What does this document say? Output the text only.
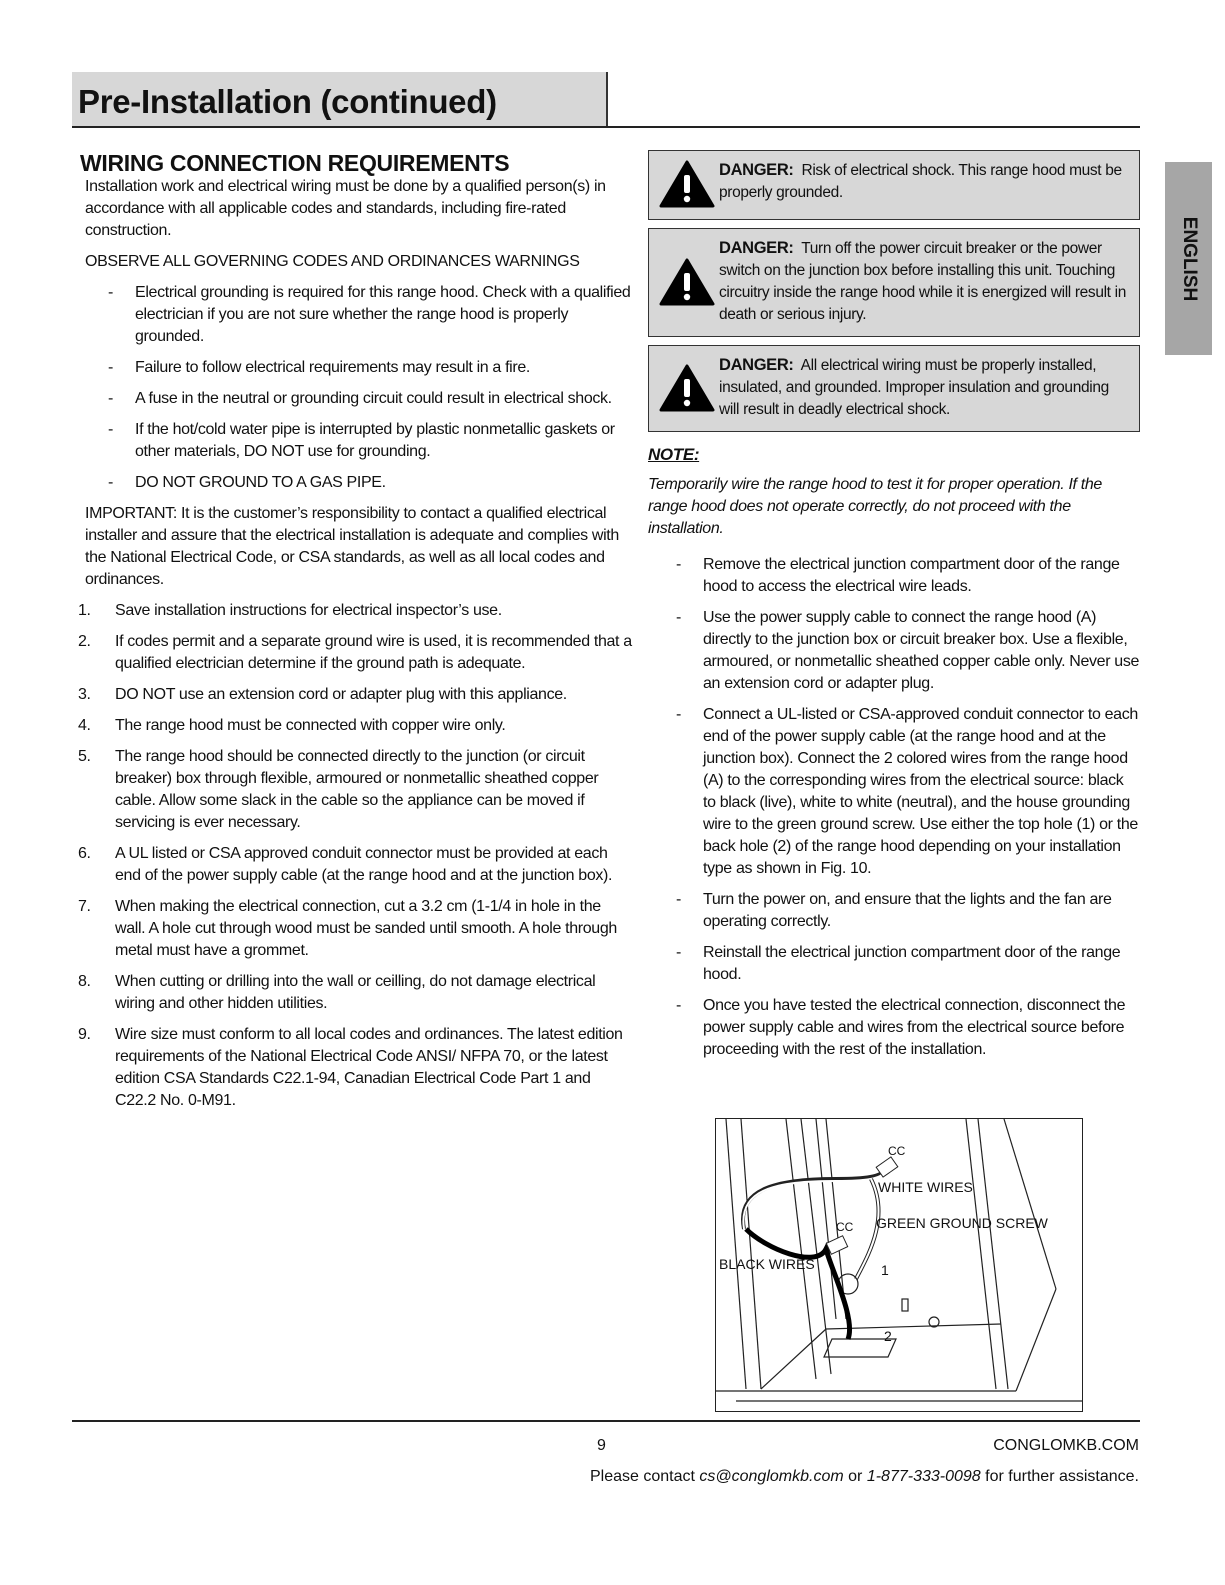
Pre-Installation (continued)
ENGLISH
WIRING CONNECTION REQUIREMENTS

Installation work and electrical wiring must be done by a qualified person(s) in accordance with all applicable codes and standards, including fire-rated construction.

OBSERVE ALL GOVERNING CODES AND ORDINANCES WARNINGS

-	Electrical grounding is required for this range hood. Check with a qualified electrician if you are not sure whether the range hood is properly grounded.
-	Failure to follow electrical requirements may result in a fire.
-	A fuse in the neutral or grounding circuit could result in electrical shock.
-	If the hot/cold water pipe is interrupted by plastic nonmetallic gaskets or other materials, DO NOT use for grounding.
-	DO NOT GROUND TO A GAS PIPE.

IMPORTANT: It is the customer’s responsibility to contact a qualified electrical installer and assure that the electrical installation is adequate and complies with the National Electrical Code, or CSA standards, as well as all local codes and ordinances.

1.	Save installation instructions for electrical inspector’s use.
2.	If codes permit and a separate ground wire is used, it is recommended that a qualified electrician determine if the ground path is adequate.
3.	DO NOT use an extension cord or adapter plug with this appliance.
4.	The range hood must be connected with copper wire only.
5.	The range hood should be connected directly to the junction (or circuit breaker) box through flexible, armoured or nonmetallic sheathed copper cable. Allow some slack in the cable so the appliance can be moved if servicing is ever necessary.
6.	A UL listed or CSA approved conduit connector must be provided at each end of the power supply cable (at the range hood and at the junction box).
7.	When making the electrical connection, cut a 3.2 cm (1-1/4 in hole in the wall. A hole cut through wood must be sanded until smooth. A hole through metal must have a grommet.
8.	When cutting or drilling into the wall or ceilling, do not damage electrical wiring and other hidden utilities.
9.	Wire size must conform to all local codes and ordinances. The latest edition requirements of the National Electrical Code ANSI/ NFPA 70, or the latest edition CSA Standards C22.1-94, Canadian Electrical Code Part 1 and C22.2 No. 0-M91.
DANGER: Risk of electrical shock. This range hood must be properly grounded.
DANGER: Turn off the power circuit breaker or the power switch on the junction box before installing this unit. Touching circuitry inside the range hood while it is energized will result in death or serious injury.
DANGER: All electrical wiring must be properly installed, insulated, and grounded. Improper insulation and grounding will result in deadly electrical shock.
NOTE:

Temporarily wire the range hood to test it for proper operation. If the range hood does not operate correctly, do not proceed with the installation.

-	Remove the electrical junction compartment door of the range hood to access the electrical wire leads.
-	Use the power supply cable to connect the range hood (A) directly to the junction box or circuit breaker box. Use a flexible, armoured, or nonmetallic sheathed copper cable only. Never use an extension cord or adapter plug.
-	Connect a UL-listed or CSA-approved conduit connector to each end of the power supply cable (at the range hood and at the junction box). Connect the 2 colored wires from the range hood (A) to the corresponding wires from the electrical source: black to black (live), white to white (neutral), and the house grounding wire to the green ground screw. Use either the top hole (1) or the back hole (2) of the range hood depending on your installation type as shown in Fig. 10.
-	Turn the power on, and ensure that the lights and the fan are operating correctly.
-	Reinstall the electrical junction compartment door of the range hood.
-	Once you have tested the electrical connection, disconnect the power supply cable and wires from the electrical source before proceeding with the rest of the installation.
CC
CC
WHITE WIRES
GREEN GROUND SCREW
BLACK WIRES	1
2
9	CONGLOMKB.COM
Please contact cs@conglomkb.com or 1-877-333-0098 for further assistance.
